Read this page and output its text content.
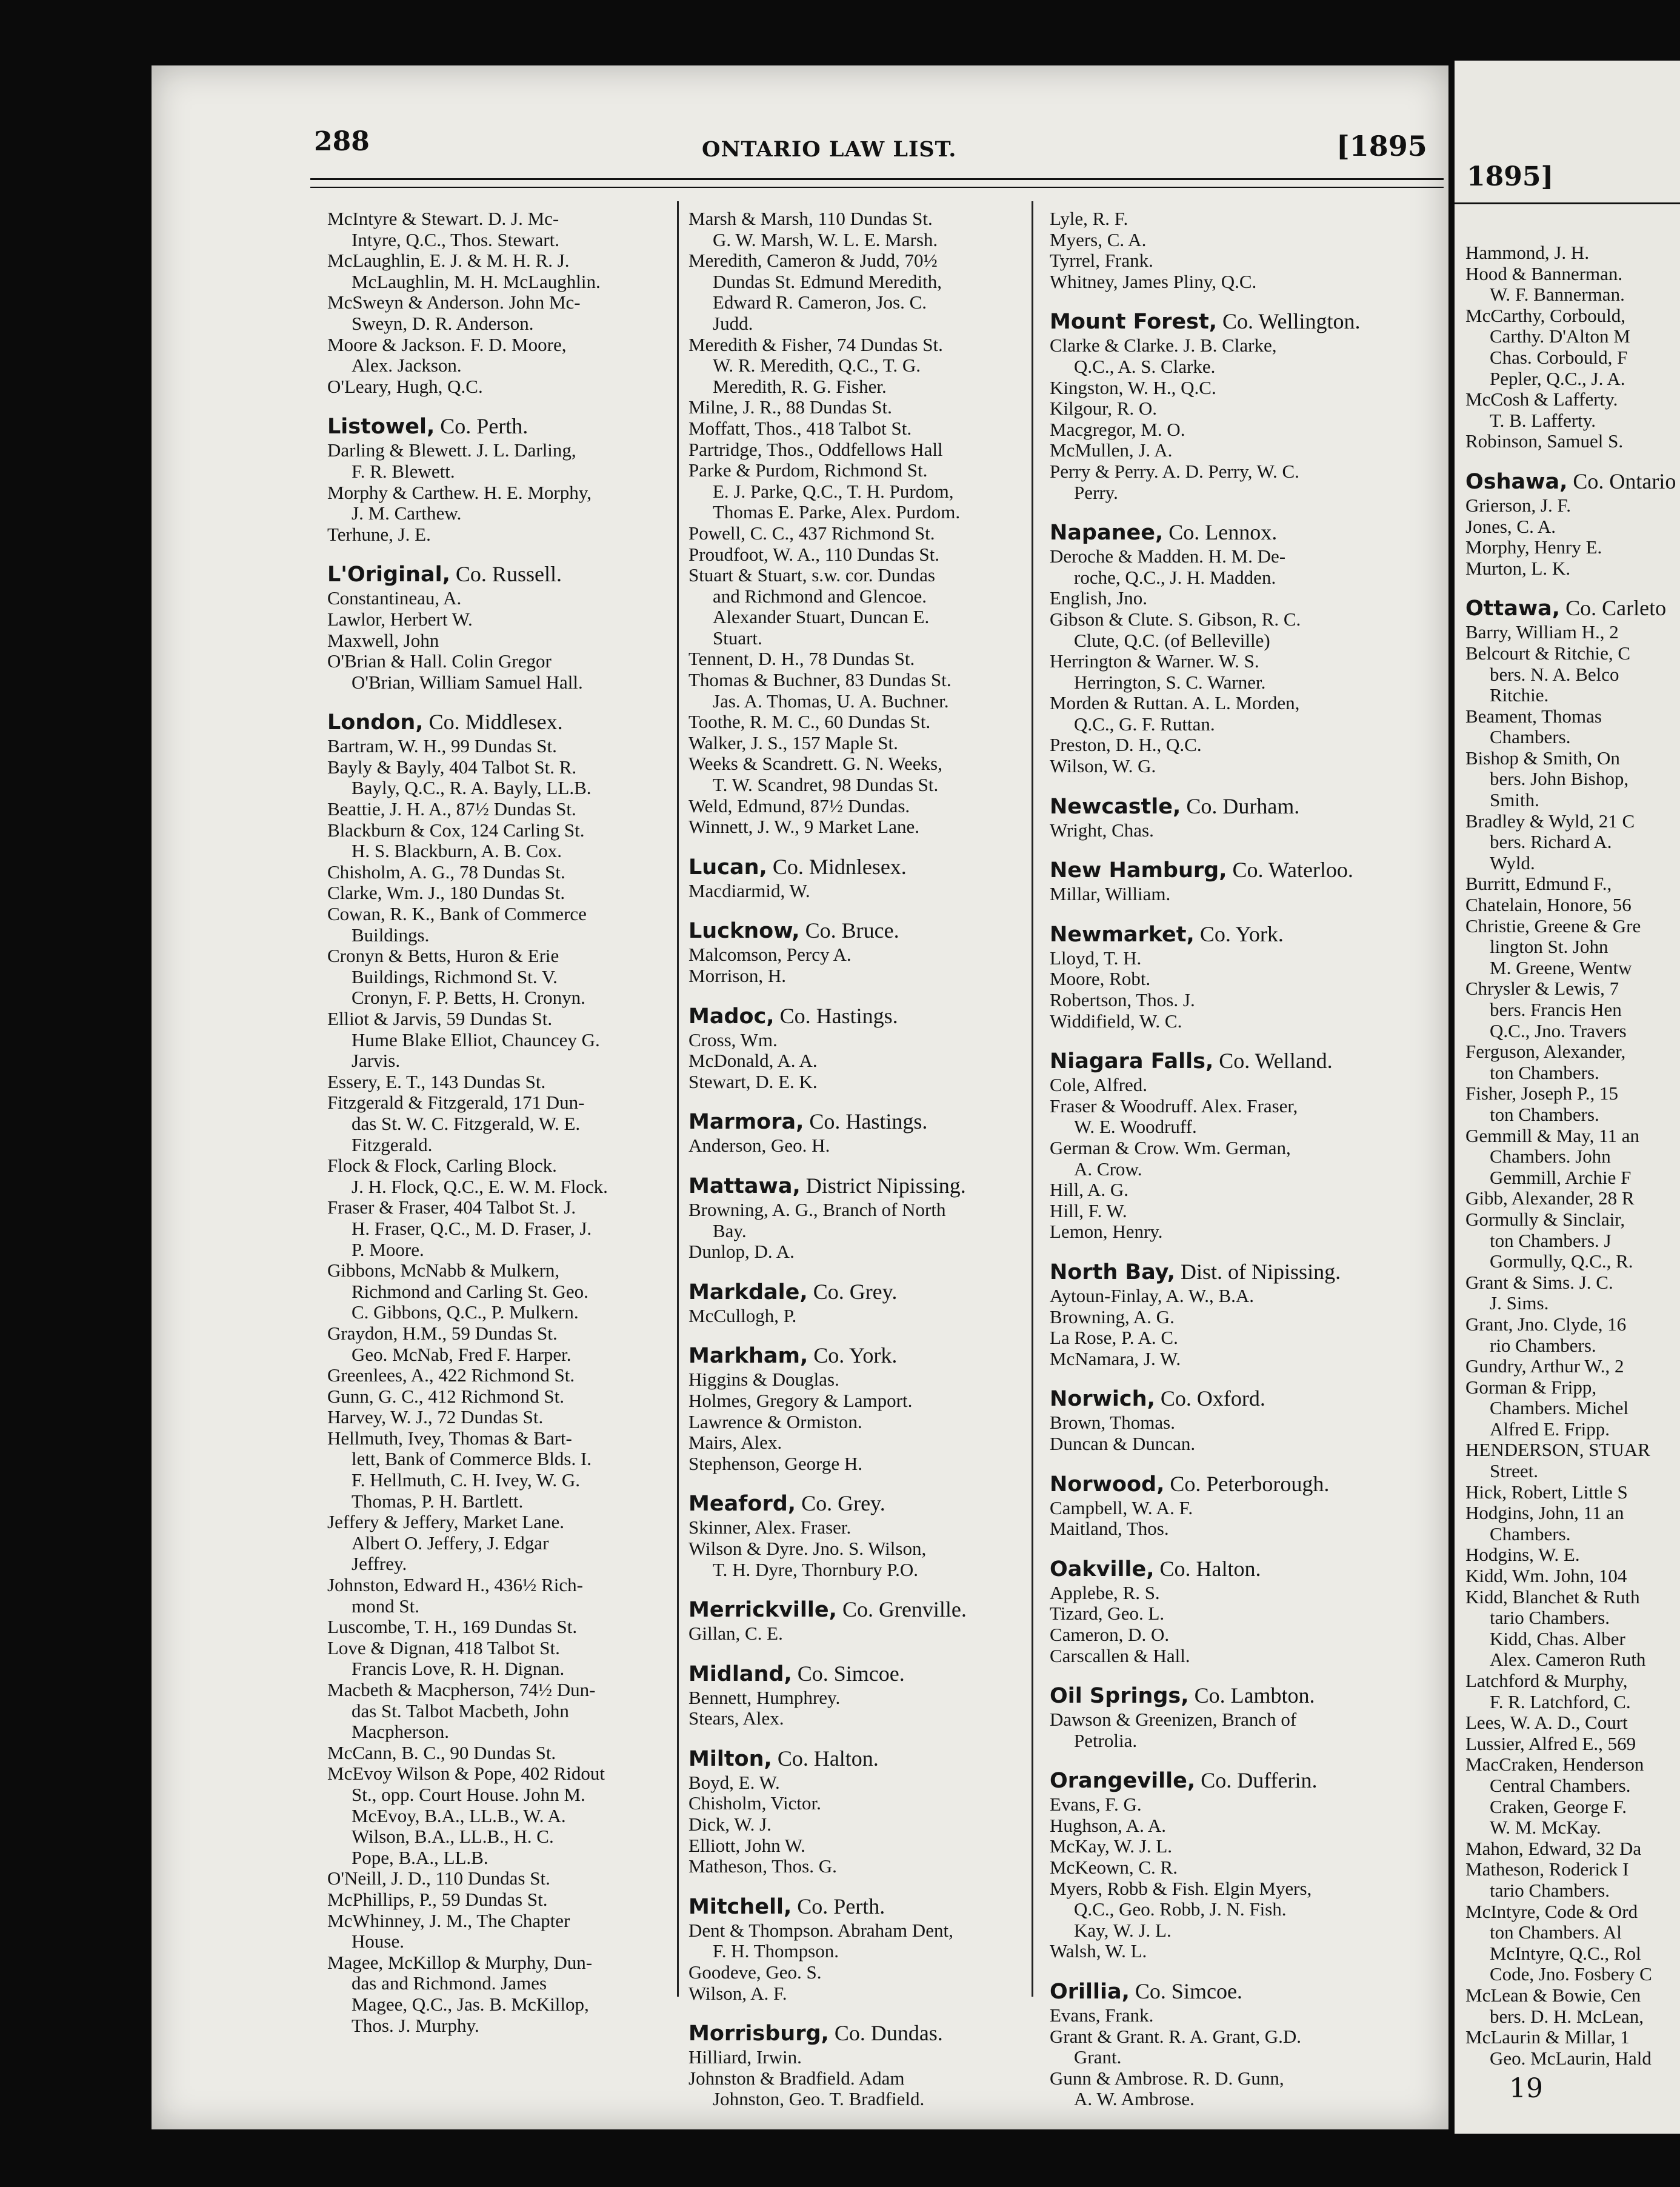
288	ONTARIO LAW LIST.	[1895
McIntyre & Stewart. D. J. Mc-
Intyre, Q.C., Thos. Stewart.
McLaughlin, E. J. & M. H. R. J.
McLaughlin, M. H. McLaughlin.
McSweyn & Anderson. John Mc-
Sweyn, D. R. Anderson.
Moore & Jackson. F. D. Moore,
Alex. Jackson.
O'Leary, Hugh, Q.C.
Listowel, Co. Perth.
Darling & Blewett. J. L. Darling,
F. R. Blewett.
Morphy & Carthew. H. E. Morphy,
J. M. Carthew.
Terhune, J. E.
L'Original, Co. Russell.
Constantineau, A.
Lawlor, Herbert W.
Maxwell, John
O'Brian & Hall. Colin Gregor
O'Brian, William Samuel Hall.
London, Co. Middlesex.
Bartram, W. H., 99 Dundas St.
Bayly & Bayly, 404 Talbot St. R.
Bayly, Q.C., R. A. Bayly, LL.B.
Beattie, J. H. A., 87½ Dundas St.
Blackburn & Cox, 124 Carling St.
H. S. Blackburn, A. B. Cox.
Chisholm, A. G., 78 Dundas St.
Clarke, Wm. J., 180 Dundas St.
Cowan, R. K., Bank of Commerce
Buildings.
Cronyn & Betts, Huron & Erie
Buildings, Richmond St. V.
Cronyn, F. P. Betts, H. Cronyn.
Elliot & Jarvis, 59 Dundas St.
Hume Blake Elliot, Chauncey G.
Jarvis.
Essery, E. T., 143 Dundas St.
Fitzgerald & Fitzgerald, 171 Dun-
das St. W. C. Fitzgerald, W. E.
Fitzgerald.
Flock & Flock, Carling Block.
J. H. Flock, Q.C., E. W. M. Flock.
Fraser & Fraser, 404 Talbot St. J.
H. Fraser, Q.C., M. D. Fraser, J.
P. Moore.
Gibbons, McNabb & Mulkern,
Richmond and Carling St. Geo.
C. Gibbons, Q.C., P. Mulkern.
Graydon, H.M., 59 Dundas St.
Geo. McNab, Fred F. Harper.
Greenlees, A., 422 Richmond St.
Gunn, G. C., 412 Richmond St.
Harvey, W. J., 72 Dundas St.
Hellmuth, Ivey, Thomas & Bart-
lett, Bank of Commerce Blds. I.
F. Hellmuth, C. H. Ivey, W. G.
Thomas, P. H. Bartlett.
Jeffery & Jeffery, Market Lane.
Albert O. Jeffery, J. Edgar
Jeffrey.
Johnston, Edward H., 436½ Rich-
mond St.
Luscombe, T. H., 169 Dundas St.
Love & Dignan, 418 Talbot St.
Francis Love, R. H. Dignan.
Macbeth & Macpherson, 74½ Dun-
das St. Talbot Macbeth, John
Macpherson.
McCann, B. C., 90 Dundas St.
McEvoy Wilson & Pope, 402 Ridout
St., opp. Court House. John M.
McEvoy, B.A., LL.B., W. A.
Wilson, B.A., LL.B., H. C.
Pope, B.A., LL.B.
O'Neill, J. D., 110 Dundas St.
McPhillips, P., 59 Dundas St.
McWhinney, J. M., The Chapter
House.
Magee, McKillop & Murphy, Dun-
das and Richmond. James
Magee, Q.C., Jas. B. McKillop,
Thos. J. Murphy.
Marsh & Marsh, 110 Dundas St.
G. W. Marsh, W. L. E. Marsh.
Meredith, Cameron & Judd, 70½
Dundas St. Edmund Meredith,
Edward R. Cameron, Jos. C.
Judd.
Meredith & Fisher, 74 Dundas St.
W. R. Meredith, Q.C., T. G.
Meredith, R. G. Fisher.
Milne, J. R., 88 Dundas St.
Moffatt, Thos., 418 Talbot St.
Partridge, Thos., Oddfellows Hall
Parke & Purdom, Richmond St.
E. J. Parke, Q.C., T. H. Purdom,
Thomas E. Parke, Alex. Purdom.
Powell, C. C., 437 Richmond St.
Proudfoot, W. A., 110 Dundas St.
Stuart & Stuart, s.w. cor. Dundas
and Richmond and Glencoe.
Alexander Stuart, Duncan E.
Stuart.
Tennent, D. H., 78 Dundas St.
Thomas & Buchner, 83 Dundas St.
Jas. A. Thomas, U. A. Buchner.
Toothe, R. M. C., 60 Dundas St.
Walker, J. S., 157 Maple St.
Weeks & Scandrett. G. N. Weeks,
T. W. Scandret, 98 Dundas St.
Weld, Edmund, 87½ Dundas.
Winnett, J. W., 9 Market Lane.
Lucan, Co. Midnlesex.
Macdiarmid, W.
Lucknow, Co. Bruce.
Malcomson, Percy A.
Morrison, H.
Madoc, Co. Hastings.
Cross, Wm.
McDonald, A. A.
Stewart, D. E. K.
Marmora, Co. Hastings.
Anderson, Geo. H.
Mattawa, District Nipissing.
Browning, A. G., Branch of North
Bay.
Dunlop, D. A.
Markdale, Co. Grey.
McCullogh, P.
Markham, Co. York.
Higgins & Douglas.
Holmes, Gregory & Lamport.
Lawrence & Ormiston.
Mairs, Alex.
Stephenson, George H.
Meaford, Co. Grey.
Skinner, Alex. Fraser.
Wilson & Dyre. Jno. S. Wilson,
T. H. Dyre, Thornbury P.O.
Merrickville, Co. Grenville.
Gillan, C. E.
Midland, Co. Simcoe.
Bennett, Humphrey.
Stears, Alex.
Milton, Co. Halton.
Boyd, E. W.
Chisholm, Victor.
Dick, W. J.
Elliott, John W.
Matheson, Thos. G.
Mitchell, Co. Perth.
Dent & Thompson. Abraham Dent,
F. H. Thompson.
Goodeve, Geo. S.
Wilson, A. F.
Morrisburg, Co. Dundas.
Hilliard, Irwin.
Johnston & Bradfield. Adam
Johnston, Geo. T. Bradfield.
Lyle, R. F.
Myers, C. A.
Tyrrel, Frank.
Whitney, James Pliny, Q.C.
Mount Forest, Co. Wellington.
Clarke & Clarke. J. B. Clarke,
Q.C., A. S. Clarke.
Kingston, W. H., Q.C.
Kilgour, R. O.
Macgregor, M. O.
McMullen, J. A.
Perry & Perry. A. D. Perry, W. C.
Perry.
Napanee, Co. Lennox.
Deroche & Madden. H. M. De-
roche, Q.C., J. H. Madden.
English, Jno.
Gibson & Clute. S. Gibson, R. C.
Clute, Q.C. (of Belleville)
Herrington & Warner. W. S.
Herrington, S. C. Warner.
Morden & Ruttan. A. L. Morden,
Q.C., G. F. Ruttan.
Preston, D. H., Q.C.
Wilson, W. G.
Newcastle, Co. Durham.
Wright, Chas.
New Hamburg, Co. Waterloo.
Millar, William.
Newmarket, Co. York.
Lloyd, T. H.
Moore, Robt.
Robertson, Thos. J.
Widdifield, W. C.
Niagara Falls, Co. Welland.
Cole, Alfred.
Fraser & Woodruff. Alex. Fraser,
W. E. Woodruff.
German & Crow. Wm. German,
A. Crow.
Hill, A. G.
Hill, F. W.
Lemon, Henry.
North Bay, Dist. of Nipissing.
Aytoun-Finlay, A. W., B.A.
Browning, A. G.
La Rose, P. A. C.
McNamara, J. W.
Norwich, Co. Oxford.
Brown, Thomas.
Duncan & Duncan.
Norwood, Co. Peterborough.
Campbell, W. A. F.
Maitland, Thos.
Oakville, Co. Halton.
Applebe, R. S.
Tizard, Geo. L.
Cameron, D. O.
Carscallen & Hall.
Oil Springs, Co. Lambton.
Dawson & Greenizen, Branch of
Petrolia.
Orangeville, Co. Dufferin.
Evans, F. G.
Hughson, A. A.
McKay, W. J. L.
McKeown, C. R.
Myers, Robb & Fish. Elgin Myers,
Q.C., Geo. Robb, J. N. Fish.
Kay, W. J. L.
Walsh, W. L.
Orillia, Co. Simcoe.
Evans, Frank.
Grant & Grant. R. A. Grant, G.D.
Grant.
Gunn & Ambrose. R. D. Gunn,
A. W. Ambrose.
1895]
Hammond, J. H.
Hood & Bannerman.
W. F. Bannerman.
McCarthy, Corbould,
Carthy. D'Alton M
Chas. Corbould, F
Pepler, Q.C., J. A.
McCosh & Lafferty.
T. B. Lafferty.
Robinson, Samuel S.
Oshawa, Co. Ontario
Grierson, J. F.
Jones, C. A.
Morphy, Henry E.
Murton, L. K.
Ottawa, Co. Carleto
Barry, William H., 2
Belcourt & Ritchie, C
bers. N. A. Belco
Ritchie.
Beament, Thomas
Chambers.
Bishop & Smith, On
bers. John Bishop,
Smith.
Bradley & Wyld, 21 C
bers. Richard A.
Wyld.
Burritt, Edmund F.,
Chatelain, Honore, 56
Christie, Greene & Gre
lington St. John
M. Greene, Wentw
Chrysler & Lewis, 7
bers. Francis Hen
Q.C., Jno. Travers
Ferguson, Alexander,
ton Chambers.
Fisher, Joseph P., 15
ton Chambers.
Gemmill & May, 11 an
Chambers. John
Gemmill, Archie F
Gibb, Alexander, 28 R
Gormully & Sinclair,
ton Chambers. J
Gormully, Q.C., R.
Grant & Sims. J. C.
J. Sims.
Grant, Jno. Clyde, 16
rio Chambers.
Gundry, Arthur W., 2
Gorman & Fripp,
Chambers. Michel
Alfred E. Fripp.
HENDERSON, STUAR
Street.
Hick, Robert, Little S
Hodgins, John, 11 an
Chambers.
Hodgins, W. E.
Kidd, Wm. John, 104
Kidd, Blanchet & Ruth
tario Chambers.
Kidd, Chas. Alber
Alex. Cameron Ruth
Latchford & Murphy,
F. R. Latchford, C.
Lees, W. A. D., Court
Lussier, Alfred E., 569
MacCraken, Henderson
Central Chambers.
Craken, George F.
W. M. McKay.
Mahon, Edward, 32 Da
Matheson, Roderick I
tario Chambers.
McIntyre, Code & Ord
ton Chambers. Al
McIntyre, Q.C., Rol
Code, Jno. Fosbery C
McLean & Bowie, Cen
bers. D. H. McLean,
McLaurin & Millar, 1
Geo. McLaurin, Hald
19
